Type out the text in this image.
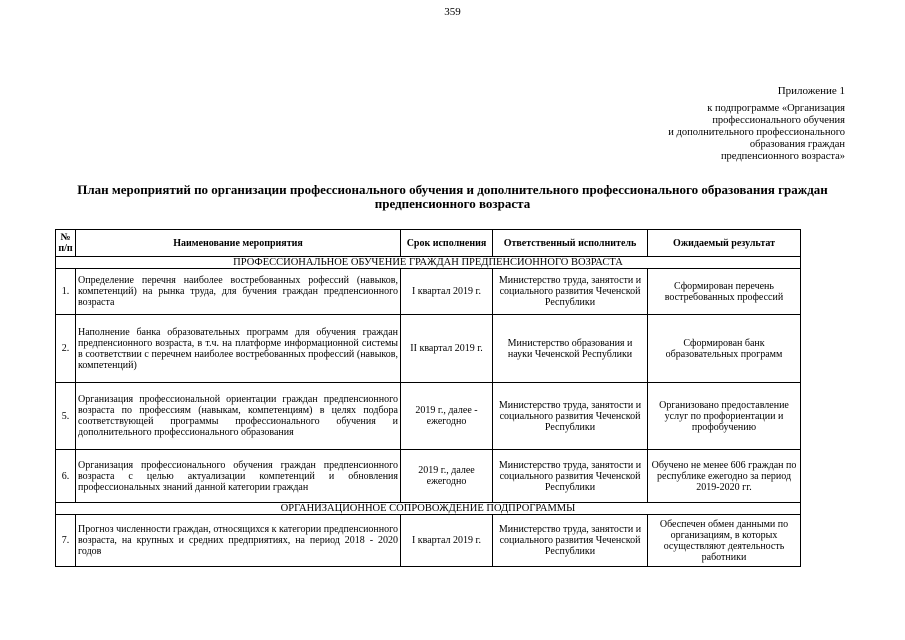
359
Приложение 1
к подпрограмме «Организация
профессионального обучения
и дополнительного профессионального
образования граждан
предпенсионного возраста»
План мероприятий по организации профессионального обучения и дополнительного профессионального образования граждан предпенсионного возраста
№ п/п	Наименование мероприятия	Срок исполнения	Ответственный исполнитель	Ожидаемый результат
ПРОФЕССИОНАЛЬНОЕ ОБУЧЕНИЕ ГРАЖДАН ПРЕДПЕНСИОННОГО ВОЗРАСТА				
1.	Определение перечня наиболее востребованных рофессий (навыков, компетенций) на рынка труда, для бучения граждан предпенсионного возраста	I квартал 2019 г.	Министерство труда, занятости и социального развития Чеченской Республики	Сформирован перечень востребованных профессий
2.	Наполнение банка образовательных программ для обучения граждан предпенсионного возраста, в т.ч. на платформе информационной системы в соответствии с перечнем наиболее востребованных профессий (навыков, компетенций)	II квартал 2019 г.	Министерство образования и науки Чеченской Республики	Сформирован банк образовательных программ
5.	Организация профессиональной ориентации граждан предпенсионного возраста по профессиям (навыкам, компетенциям) в целях подбора соответствующей программы профессионального обучения и дополнительного профессионального образования	2019 г., далее - ежегодно	Министерство труда, занятости и социального развития Чеченской Республики	Организовано предоставление услуг по профориентации и профобучению
6.	Организация профессионального обучения граждан предпенсионного возраста с целью актуализации компетенций и обновления профессиональных знаний данной категории граждан	2019 г., далее ежегодно	Министерство труда, занятости и социального развития Чеченской Республики	Обучено не менее 606 граждан по республике ежегодно за период 2019-2020 гг.
ОРГАНИЗАЦИОННОЕ СОПРОВОЖДЕНИЕ ПОДПРОГРАММЫ				
7.	Прогноз численности граждан, относящихся к категории предпенсионного возраста, на крупных и средних предприятиях, на период 2018 - 2020 годов	I квартал 2019 г.	Министерство труда, занятости и социального развития Чеченской Республики	Обеспечен обмен данными по организациям, в которых осуществляют деятельность работники
